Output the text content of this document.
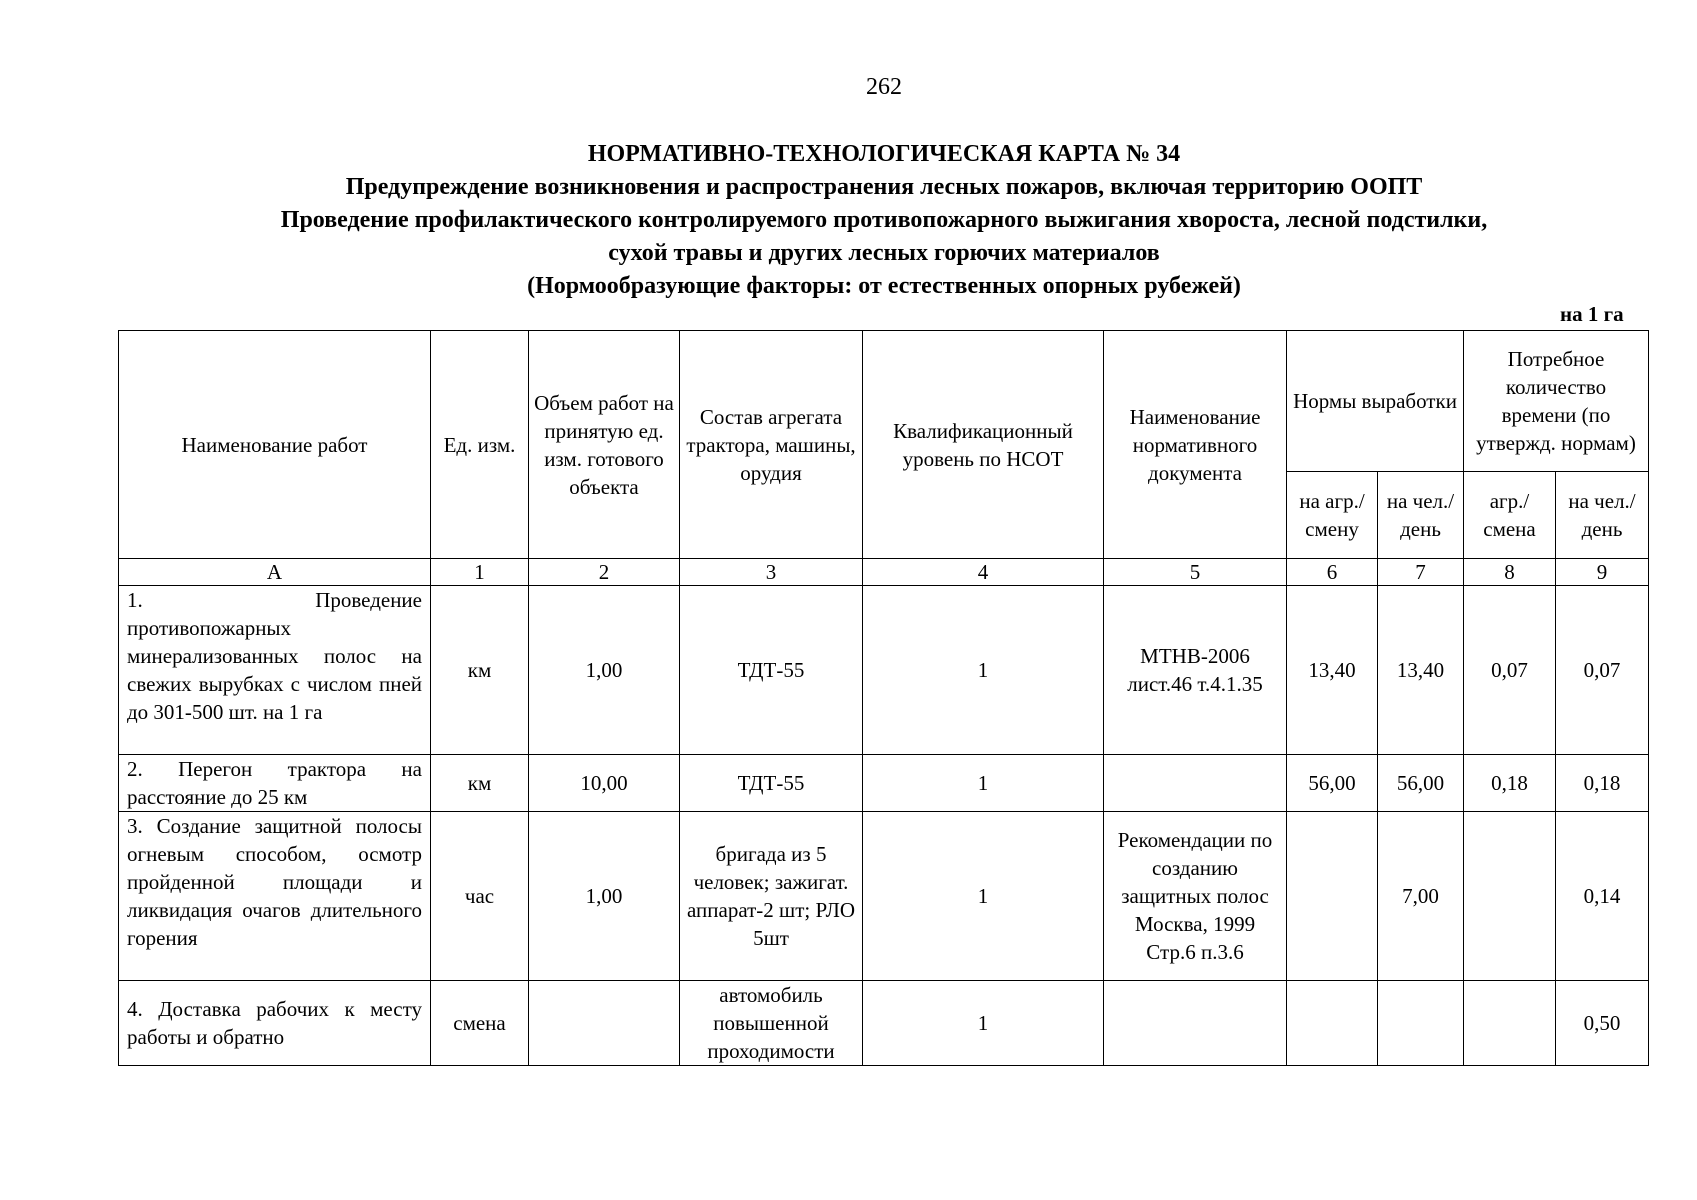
262
НОРМАТИВНО-ТЕХНОЛОГИЧЕСКАЯ КАРТА № 34
Предупреждение возникновения и распространения лесных пожаров, включая территорию ООПТ
Проведение профилактического контролируемого противопожарного выжигания хвороста, лесной подстилки,
сухой травы и других лесных горючих материалов
(Нормообразующие факторы: от естественных опорных рубежей)
на 1 га
Наименование работ	Ед. изм.	Объем работ на принятую ед. изм. готового объекта	Состав агрегата трактора, машины, орудия	Квалификационный уровень по НСОТ	Наименование нормативного документа	Нормы выработки		Потребное количество времени (по утвержд. нормам)	
						на агр./ смену	на чел./ день	агр./ смена	на чел./ день
А	1	2	3	4	5	6	7	8	9
1. Проведение противопожарных минерализованных полос на свежих вырубках с числом пней до 301-500 шт. на 1 га	км	1,00	ТДТ-55	1	МТНВ-2006 лист.46 т.4.1.35	13,40	13,40	0,07	0,07
2. Перегон трактора на расстояние до 25 км	км	10,00	ТДТ-55	1		56,00	56,00	0,18	0,18
3. Создание защитной полосы огневым способом, осмотр пройденной площади и ликвидация очагов длительного горения	час	1,00	бригада из 5 человек; зажигат. аппарат-2 шт; РЛО 5шт	1	Рекомендации по созданию защитных полос Москва, 1999 Стр.6 п.3.6		7,00		0,14
4. Доставка рабочих к месту работы и обратно	смена		автомобиль повышенной проходимости	1					0,50
